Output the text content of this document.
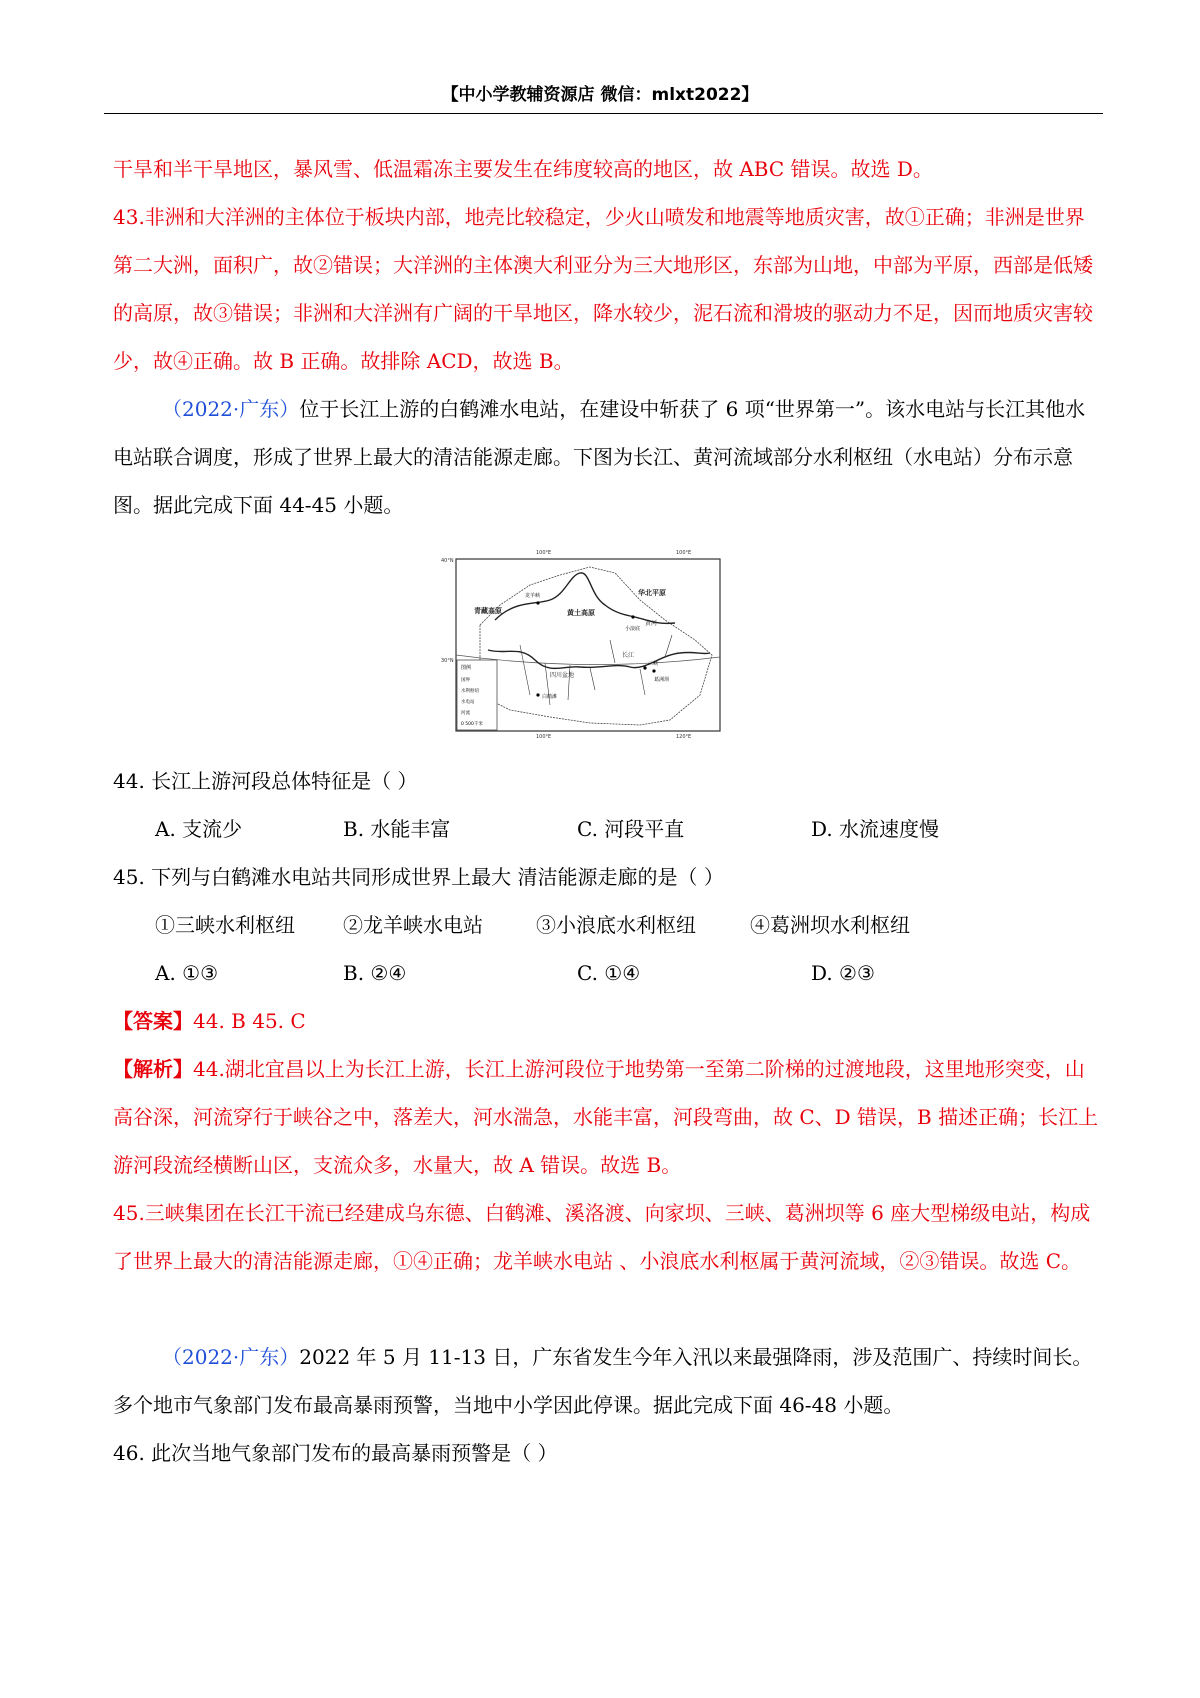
【中小学教辅资源店 微信：mlxt2022】

干旱和半干旱地区，暴风雪、低温霜冻主要发生在纬度较高的地区，故 ABC 错误。故选 D。

43.非洲和大洋洲的主体位于板块内部，地壳比较稳定，少火山喷发和地震等地质灾害，故①正确；非洲是世界第二大洲，面积广，故②错误；大洋洲的主体澳大利亚分为三大地形区，东部为山地，中部为平原，西部是低矮的高原，故③错误；非洲和大洋洲有广阔的干旱地区，降水较少，泥石流和滑坡的驱动力不足，因而地质灾害较少，故④正确。故 B 正确。故排除 ACD，故选 B。

（2022·广东）位于长江上游的白鹤滩水电站，在建设中斩获了 6 项“世界第一”。该水电站与长江其他水电站联合调度，形成了世界上最大的清洁能源走廊。下图为长江、黄河流域部分水利枢纽（水电站）分布示意图。据此完成下面 44-45 小题。

100°E	100°E
40°N
30°N
100°E	120°E
青藏高原	黄土高原
四川盆地
华北平原
长江
黄河
龙羊峡
小浪底
三峡
葛洲坝
白鹤滩
图例
国界
水利枢纽
水电站
河流
0 500千米

44. 长江上游河段总体特征是（ ）

A. 支流少	B. 水能丰富	C. 河段平直	D. 水流速度慢

45. 下列与白鹤滩水电站共同形成世界上最大 清洁能源走廊的是（ ）

①三峡水利枢纽 ②龙羊峡水电站	③小浪底水利枢纽	④葛洲坝水利枢纽
A. ①③	B. ②④	C. ①④	D. ②③

【答案】44. B 45. C

【解析】44.湖北宜昌以上为长江上游，长江上游河段位于地势第一至第二阶梯的过渡地段，这里地形突变，山高谷深，河流穿行于峡谷之中，落差大，河水湍急，水能丰富，河段弯曲，故 C、D 错误，B 描述正确；长江上游河段流经横断山区，支流众多，水量大，故 A 错误。故选 B。

45.三峡集团在长江干流已经建成乌东德、白鹤滩、溪洛渡、向家坝、三峡、葛洲坝等 6 座大型梯级电站，构成了世界上最大的清洁能源走廊，①④正确；龙羊峡水电站 、小浪底水利枢属于黄河流域，②③错误。故选 C。

（2022·广东）2022 年 5 月 11-13 日，广东省发生今年入汛以来最强降雨，涉及范围广、持续时间长。多个地市气象部门发布最高暴雨预警，当地中小学因此停课。据此完成下面 46-48 小题。

46. 此次当地气象部门发布的最高暴雨预警是（ ）
